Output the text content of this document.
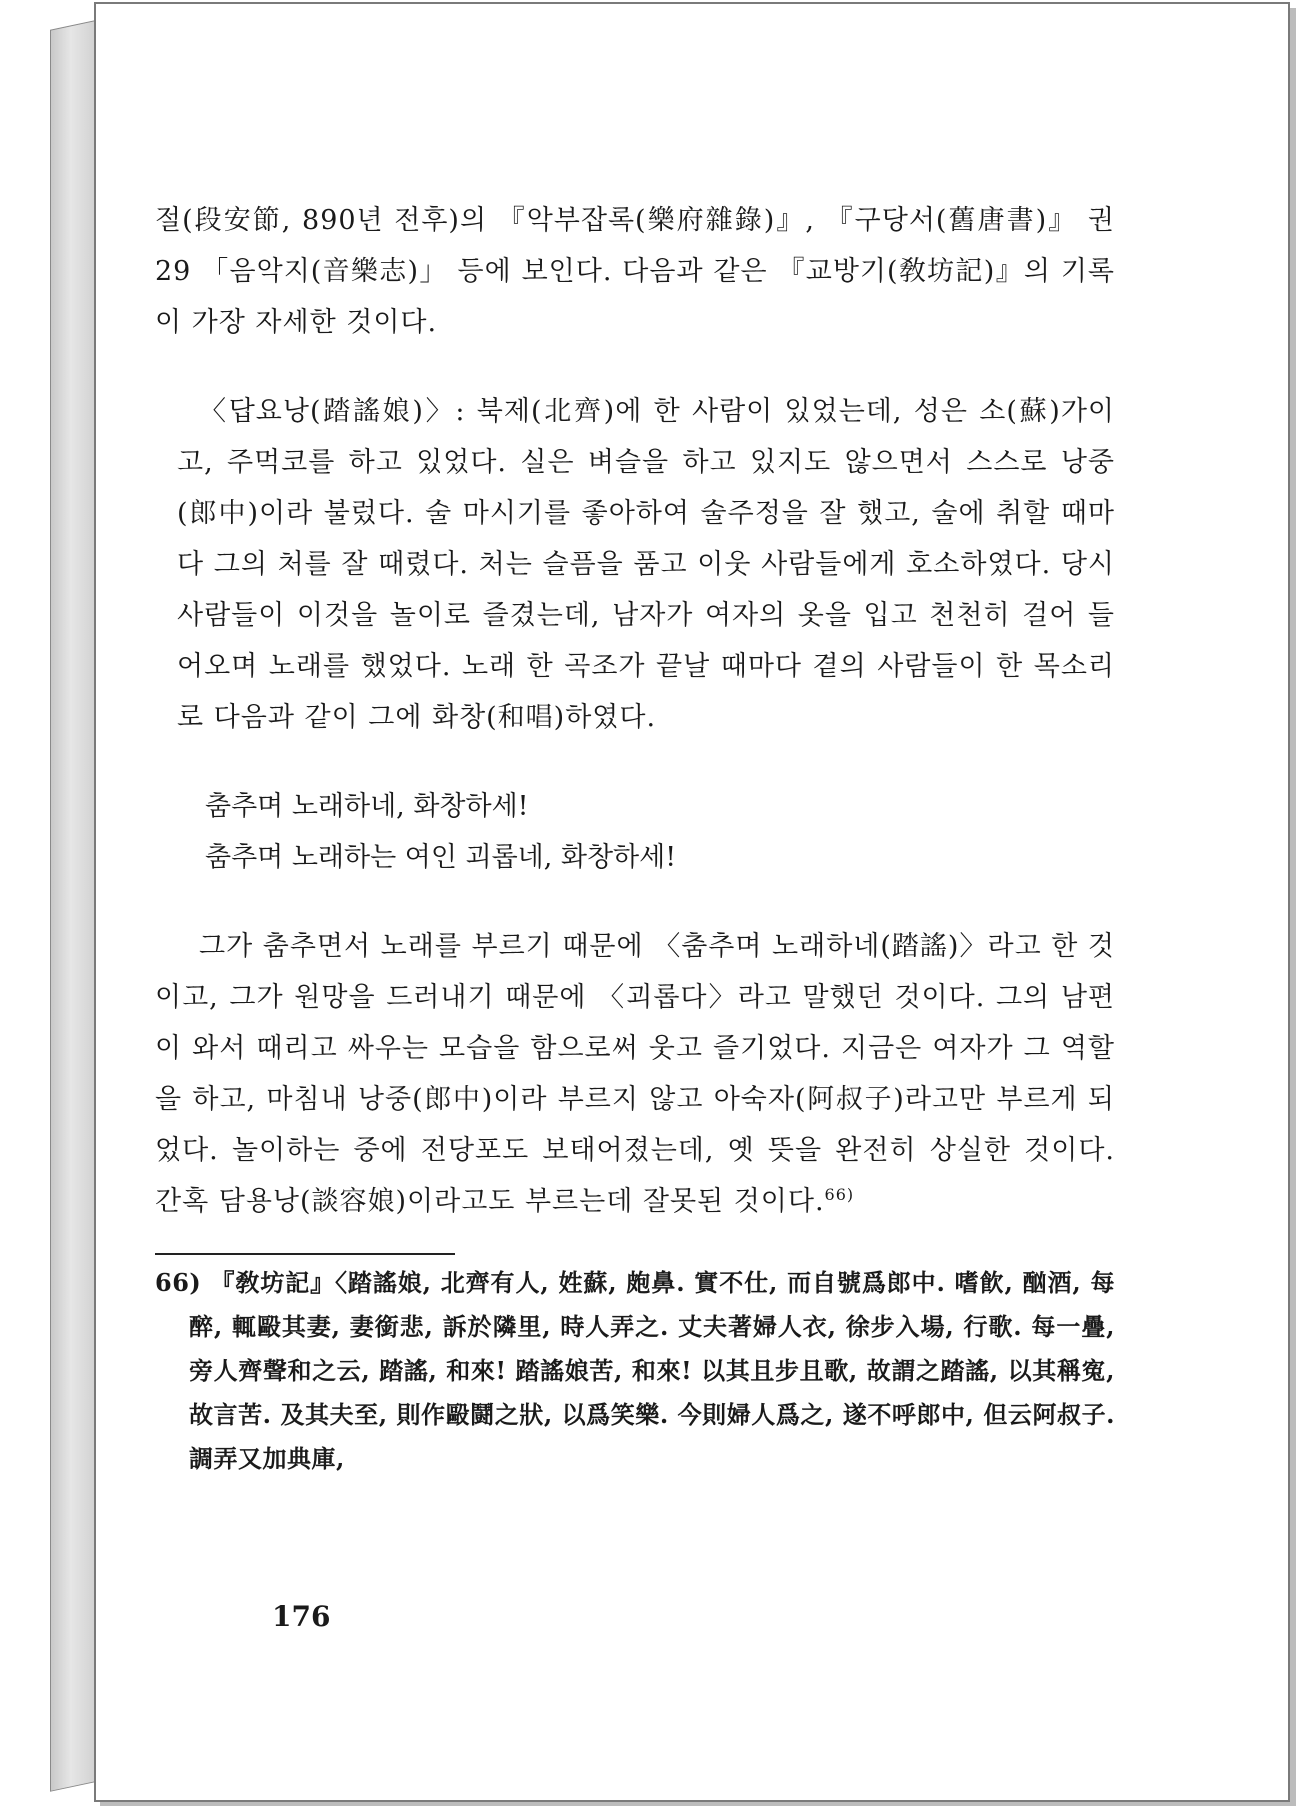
절(段安節, 890년 전후)의 『악부잡록(樂府雜錄)』, 『구당서(舊唐書)』 권29 「음악지(音樂志)」 등에 보인다. 다음과 같은 『교방기(敎坊記)』의 기록이 가장 자세한 것이다.

〈답요낭(踏謠娘)〉: 북제(北齊)에 한 사람이 있었는데, 성은 소(蘇)가이고, 주먹코를 하고 있었다. 실은 벼슬을 하고 있지도 않으면서 스스로 낭중(郎中)이라 불렀다. 술 마시기를 좋아하여 술주정을 잘 했고, 술에 취할 때마다 그의 처를 잘 때렸다. 처는 슬픔을 품고 이웃 사람들에게 호소하였다. 당시 사람들이 이것을 놀이로 즐겼는데, 남자가 여자의 옷을 입고 천천히 걸어 들어오며 노래를 했었다. 노래 한 곡조가 끝날 때마다 곁의 사람들이 한 목소리로 다음과 같이 그에 화창(和唱)하였다.

춤추며 노래하네, 화창하세!
춤추며 노래하는 여인 괴롭네, 화창하세!

그가 춤추면서 노래를 부르기 때문에 〈춤추며 노래하네(踏謠)〉라고 한 것이고, 그가 원망을 드러내기 때문에 〈괴롭다〉라고 말했던 것이다. 그의 남편이 와서 때리고 싸우는 모습을 함으로써 웃고 즐기었다. 지금은 여자가 그 역할을 하고, 마침내 낭중(郎中)이라 부르지 않고 아숙자(阿叔子)라고만 부르게 되었다. 놀이하는 중에 전당포도 보태어졌는데, 옛 뜻을 완전히 상실한 것이다. 간혹 담용낭(談容娘)이라고도 부르는데 잘못된 것이다.$^{66)}$

66) 『敎坊記』〈踏謠娘, 北齊有人, 姓蘇, 皰鼻. 實不仕, 而自號爲郎中. 嗜飮, 酗酒, 每醉, 輒毆其妻, 妻銜悲, 訴於隣里, 時人弄之. 丈夫著婦人衣, 徐步入場, 行歌. 每一疊, 旁人齊聲和之云, 踏謠, 和來! 踏謠娘苦, 和來! 以其且步且歌, 故謂之踏謠, 以其稱寃, 故言苦. 及其夫至, 則作毆鬪之狀, 以爲笑樂. 今則婦人爲之, 遂不呼郎中, 但云阿叔子. 調弄又加典庫,

176
